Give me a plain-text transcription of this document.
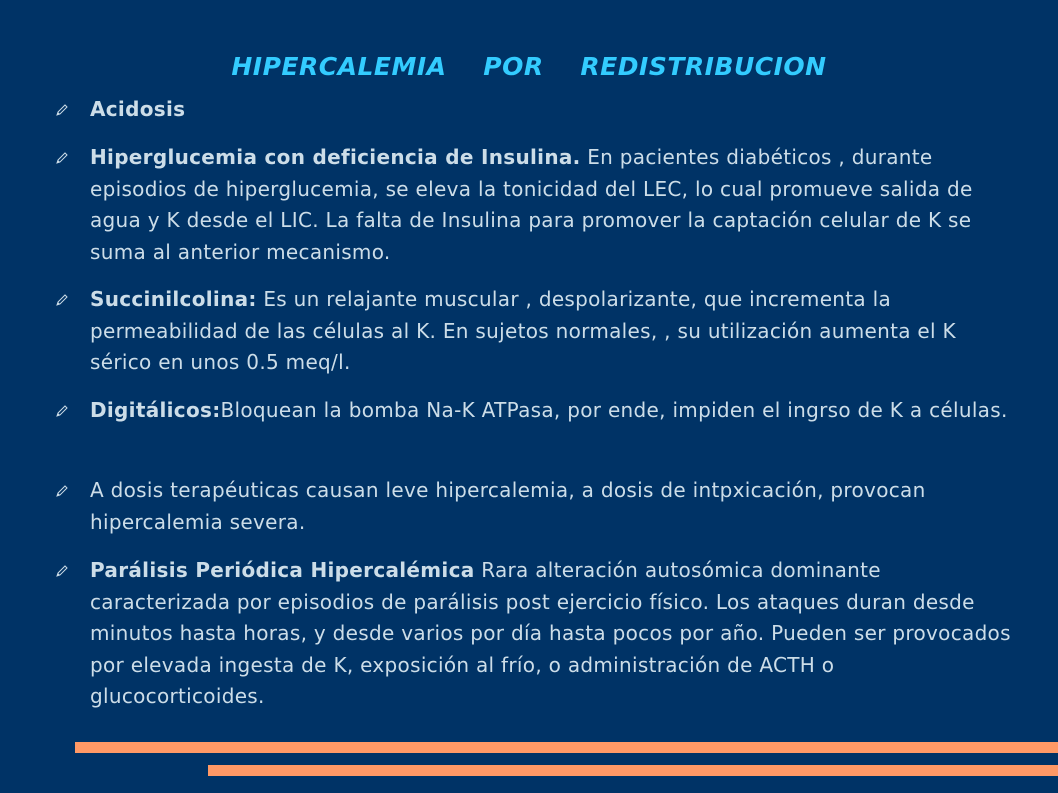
HIPERCALEMIA    POR    REDISTRIBUCION
Acidosis
Hiperglucemia con deficiencia de Insulina. En pacientes diabéticos , durante episodios de hiperglucemia, se eleva la tonicidad del LEC, lo cual promueve salida de agua y K desde el LIC. La falta de Insulina para promover la captación celular de K se suma al anterior mecanismo.
Succinilcolina: Es un relajante muscular , despolarizante, que incrementa la permeabilidad de las células al K. En sujetos normales, , su utilización aumenta el K sérico en unos 0.5 meq/l.
Digitálicos:Bloquean la bomba Na-K ATPasa, por ende, impiden el ingrso de K a células.
A dosis terapéuticas causan leve hipercalemia, a dosis de intpxicación, provocan hipercalemia severa.
Parálisis Periódica Hipercalémica Rara alteración autosómica dominante caracterizada por episodios de parálisis post ejercicio físico. Los ataques duran desde minutos hasta horas, y desde varios por día hasta pocos por año. Pueden ser provocados por elevada ingesta de K, exposición al frío, o administración de ACTH o glucocorticoides.
